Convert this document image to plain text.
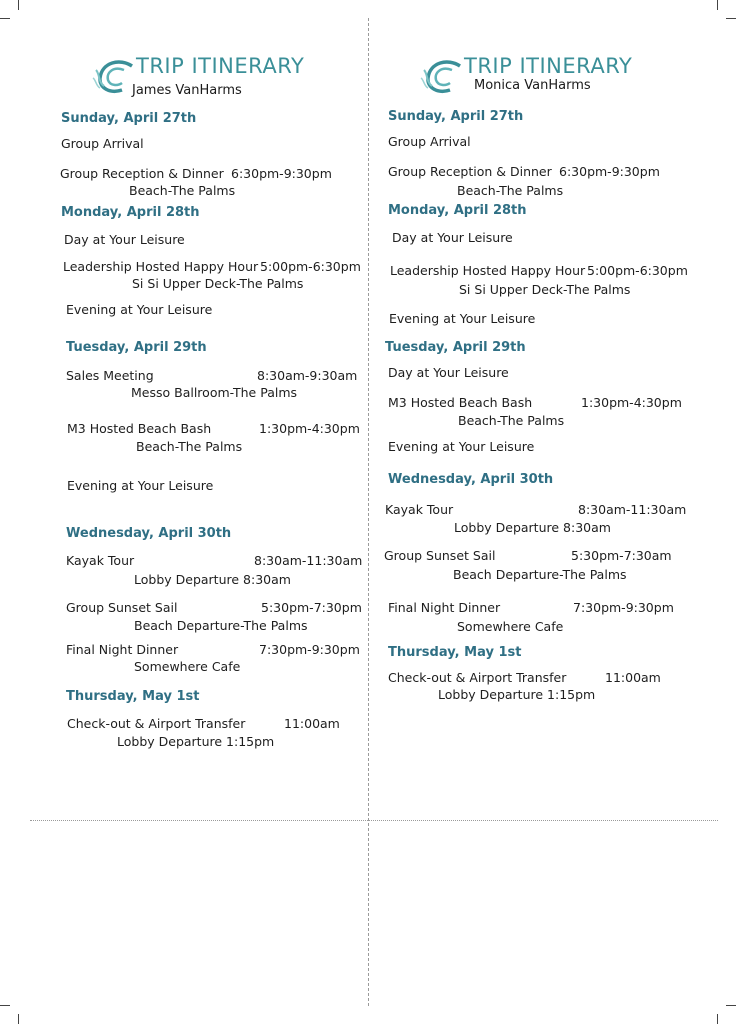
TRIP ITINERARY
James VanHarms
Sunday, April 27th
Group Arrival
Group Reception & Dinner 6:30pm-9:30pm
Beach-The Palms
Monday, April 28th
Day at Your Leisure
Leadership Hosted Happy Hour 5:00pm-6:30pm
Si Si Upper Deck-The Palms
Evening at Your Leisure
Tuesday, April 29th
Sales Meeting	8:30am-9:30am
Messo Ballroom-The Palms
M3 Hosted Beach Bash	1:30pm-4:30pm
Beach-The Palms
Evening at Your Leisure
Wednesday, April 30th
Kayak Tour	8:30am-11:30am
Lobby Departure 8:30am
Group Sunset Sail	5:30pm-7:30pm
Beach Departure-The Palms
Final Night Dinner	7:30pm-9:30pm
Somewhere Cafe
Thursday, May 1st
Check-out & Airport Transfer	11:00am
Lobby Departure 1:15pm
TRIP ITINERARY
Monica VanHarms
Sunday, April 27th
Group Arrival
Group Reception & Dinner 6:30pm-9:30pm
Beach-The Palms
Monday, April 28th
Day at Your Leisure
Leadership Hosted Happy Hour 5:00pm-6:30pm
Si Si Upper Deck-The Palms
Evening at Your Leisure
Tuesday, April 29th
Day at Your Leisure
M3 Hosted Beach Bash	1:30pm-4:30pm
Beach-The Palms
Evening at Your Leisure
Wednesday, April 30th
Kayak Tour	8:30am-11:30am
Lobby Departure 8:30am
Group Sunset Sail	5:30pm-7:30am
Beach Departure-The Palms
Final Night Dinner	7:30pm-9:30pm
Somewhere Cafe
Thursday, May 1st
Check-out & Airport Transfer	11:00am
Lobby Departure 1:15pm
